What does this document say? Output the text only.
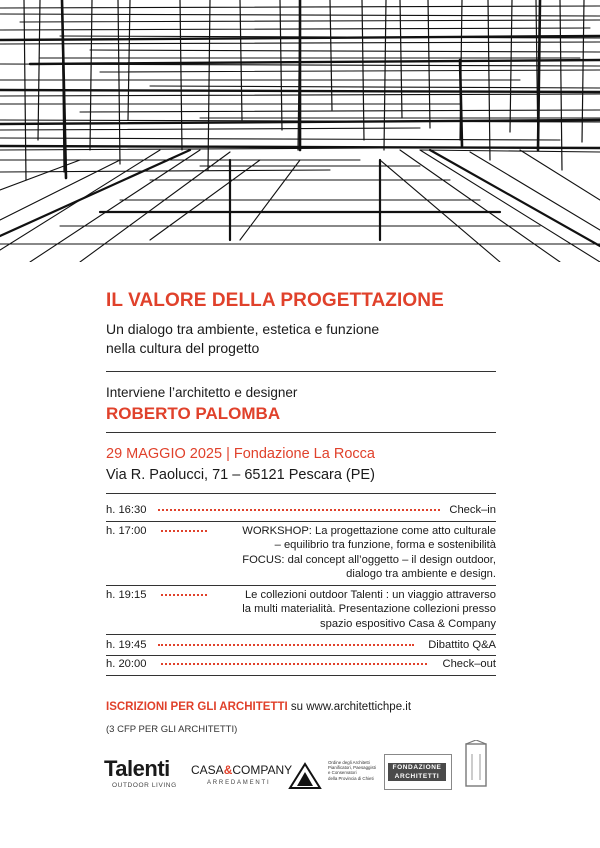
IL VALORE DELLA PROGETTAZIONE
Un dialogo tra ambiente, estetica e funzione
nella cultura del progetto
Interviene l’architetto e designer
ROBERTO PALOMBA
29 MAGGIO 2025 | Fondazione La Rocca
Via R. Paolucci, 71 – 65121 Pescara (PE)
h. 16:30	Check–in
h. 17:00	WORKSHOP: La progettazione come atto culturale
– equilibrio tra funzione, forma e sostenibilità
FOCUS: dal concept all’oggetto – il design outdoor,
dialogo tra ambiente e design.
h. 19:15	Le collezioni outdoor Talenti : un viaggio attraverso
la multi materialità. Presentazione collezioni presso
spazio espositivo Casa & Company
h. 19:45	Dibattito Q&A
h. 20:00	Check–out
ISCRIZIONI PER GLI ARCHITETTI su www.architettichpe.it
(3 CFP PER GLI ARCHITETTI)
Talenti
OUTDOOR LIVING
CASA&COMPANY
ARREDAMENTI
Ordine degli Architetti
Pianificatori, Paesaggisti
e Conservatori
della Provincia di Chieti
FONDAZIONE
ARCHITETTI
